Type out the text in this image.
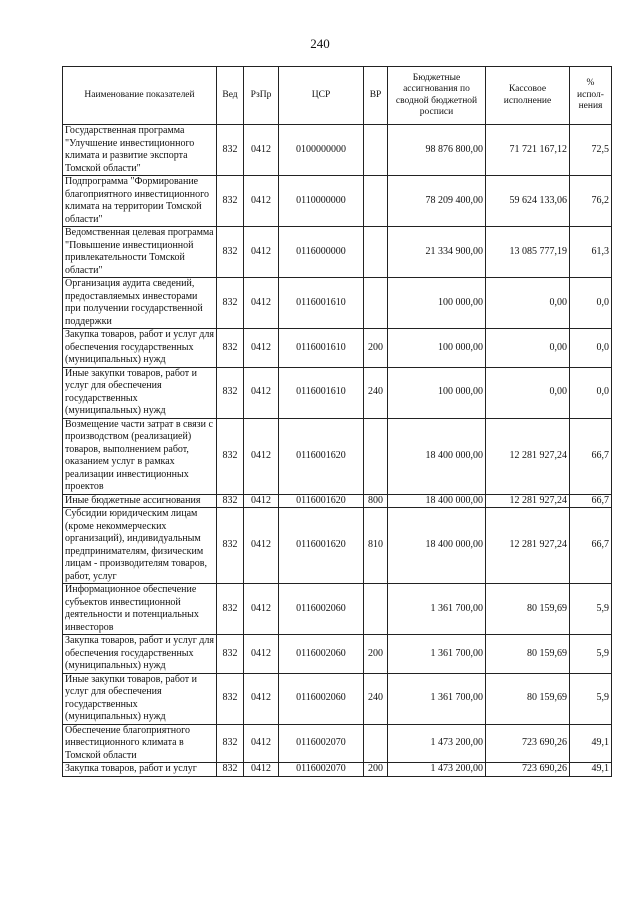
240
Наименование показателей	Вед	РзПр	ЦСР	ВР	Бюджетные ассигнования по сводной бюджетной росписи	Кассовое исполнение	% испол-нения
Государственная программа "Улучшение инвестиционного климата и развитие экспорта Томской области"	832	0412	0100000000		98 876 800,00	71 721 167,12	72,5
Подпрограмма "Формирование благоприятного инвестиционного климата на территории Томской области"	832	0412	0110000000		78 209 400,00	59 624 133,06	76,2
Ведомственная целевая программа "Повышение инвестиционной привлекательности Томской области"	832	0412	0116000000		21 334 900,00	13 085 777,19	61,3
Организация аудита сведений, предоставляемых инвесторами при получении государственной поддержки	832	0412	0116001610		100 000,00	0,00	0,0
Закупка товаров, работ и услуг для обеспечения государственных (муниципальных) нужд	832	0412	0116001610	200	100 000,00	0,00	0,0
Иные закупки товаров, работ и услуг для обеспечения государственных (муниципальных) нужд	832	0412	0116001610	240	100 000,00	0,00	0,0
Возмещение части затрат в связи с производством (реализацией) товаров, выполнением работ, оказанием услуг в рамках реализации инвестиционных проектов	832	0412	0116001620		18 400 000,00	12 281 927,24	66,7
Иные бюджетные ассигнования	832	0412	0116001620	800	18 400 000,00	12 281 927,24	66,7
Субсидии юридическим лицам (кроме некоммерческих организаций), индивидуальным предпринимателям, физическим лицам - производителям товаров, работ, услуг	832	0412	0116001620	810	18 400 000,00	12 281 927,24	66,7
Информационное обеспечение субъектов инвестиционной деятельности и потенциальных инвесторов	832	0412	0116002060		1 361 700,00	80 159,69	5,9
Закупка товаров, работ и услуг для обеспечения государственных (муниципальных) нужд	832	0412	0116002060	200	1 361 700,00	80 159,69	5,9
Иные закупки товаров, работ и услуг для обеспечения государственных (муниципальных) нужд	832	0412	0116002060	240	1 361 700,00	80 159,69	5,9
Обеспечение благоприятного инвестиционного климата в Томской области	832	0412	0116002070		1 473 200,00	723 690,26	49,1
Закупка товаров, работ и услуг	832	0412	0116002070	200	1 473 200,00	723 690,26	49,1
